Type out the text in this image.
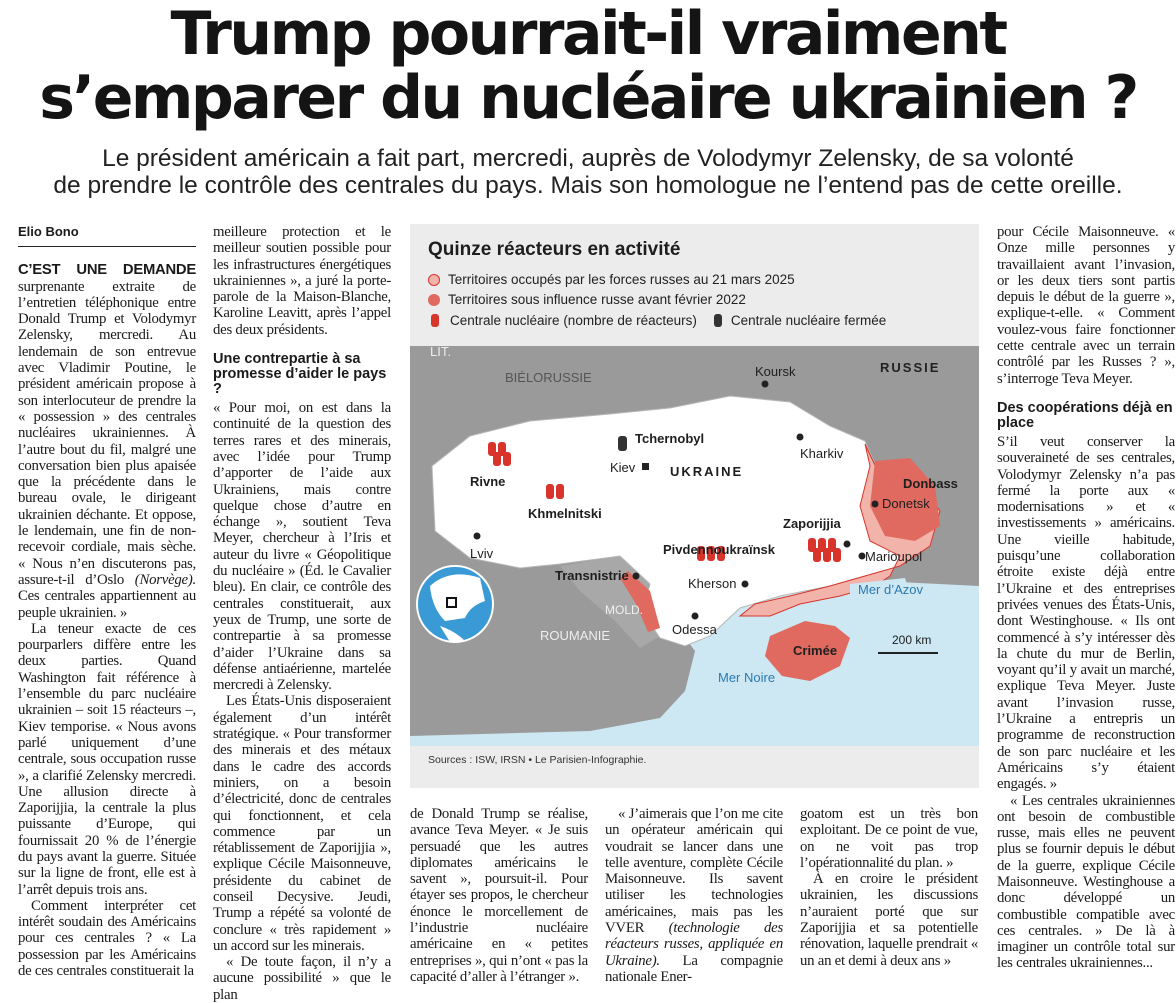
Trump pourrait-il vraiment
s’emparer du nucléaire ukrainien ?
Le président américain a fait part, mercredi, auprès de Volodymyr Zelensky, de sa volonté
de prendre le contrôle des centrales du pays. Mais son homologue ne l’entend pas de cette oreille.
Elio Bono

C’EST UNE DEMANDE surprenante extraite de l’entretien téléphonique entre Donald Trump et Volodymyr Zelensky, mercredi. Au lendemain de son entrevue avec Vladimir Poutine, le président américain propose à son interlocuteur de prendre la « possession » des centrales nucléaires ukrainiennes. À l’autre bout du fil, malgré une conversation bien plus apaisée que la précédente dans le bureau ovale, le dirigeant ukrainien déchante. Et oppose, le lendemain, une fin de non-recevoir cordiale, mais sèche. « Nous n’en discuterons pas, assure-t-il d’Oslo (Norvège). Ces centrales appartiennent au peuple ukrainien. »

La teneur exacte de ces pourparlers diffère entre les deux parties. Quand Washington fait référence à l’ensemble du parc nucléaire ukrainien – soit 15 réacteurs –, Kiev temporise. « Nous avons parlé uniquement d’une centrale, sous occupation russe », a clarifié Zelensky mercredi. Une allusion directe à Zaporijjia, la centrale la plus puissante d’Europe, qui fournissait 20 % de l’énergie du pays avant la guerre. Située sur la ligne de front, elle est à l’arrêt depuis trois ans.

Comment interpréter cet intérêt soudain des Américains pour ces centrales ? « La possession par les Américains de ces centrales constituerait la

meilleure protection et le meilleur soutien possible pour les infrastructures énergétiques ukrainiennes », a juré la porte-parole de la Maison-Blanche, Karoline Leavitt, après l’appel des deux présidents.

Une contrepartie à sa promesse d’aider le pays ?

« Pour moi, on est dans la continuité de la question des terres rares et des minerais, avec l’idée pour Trump d’apporter de l’aide aux Ukrainiens, mais contre quelque chose d’autre en échange », soutient Teva Meyer, chercheur à l’Iris et auteur du livre « Géopolitique du nucléaire » (Éd. le Cavalier bleu). En clair, ce contrôle des centrales constituerait, aux yeux de Trump, une sorte de contrepartie à sa promesse d’aider l’Ukraine dans sa défense antiaérienne, martelée mercredi à Zelensky.

Les États-Unis disposeraient également d’un intérêt stratégique. « Pour transformer des minerais et des métaux dans le cadre des accords miniers, on a besoin d’électricité, donc de centrales qui fonctionnent, et cela commence par un rétablissement de Zaporijjia », explique Cécile Maisonneuve, présidente du cabinet de conseil Decysive. Jeudi, Trump a répété sa volonté de conclure « très rapidement » un accord sur les minerais.

« De toute façon, il n’y a aucune possibilité » que le plan

Quinze réacteurs en activité
Territoires occupés par les forces russes au 21 mars 2025
Territoires sous influence russe avant février 2022
Centrale nucléaire (nombre de réacteurs)	Centrale nucléaire fermée
LIT.
BIÉLORUSSIE
RUSSIE
Koursk
Tchernobyl
Kiev	UKRAINE
Kharkiv
Rivne
Khmelnitski
Donbass
Donetsk
Zaporijjia
Lviv	Pivdennoukraïnsk	Marioupol
Mer d’Azov
Transnistrie
Kherson
MOLD.
Odessa
ROUMANIE
Crimée
200 km
Mer Noire
Sources : ISW, IRSN • Le Parisien-Infographie.

de Donald Trump se réalise, avance Teva Meyer. « Je suis persuadé que les autres diplomates américains le savent », poursuit-il. Pour étayer ses propos, le chercheur énonce le morcellement de l’industrie nucléaire américaine en « petites entreprises », qui n’ont « pas la capacité d’aller à l’étranger ».

« J’aimerais que l’on me cite un opérateur américain qui voudrait se lancer dans une telle aventure, complète Cécile Maisonneuve. Ils savent utiliser les technologies américaines, mais pas les VVER (technologie des réacteurs russes, appliquée en Ukraine). La compagnie nationale Ener-

goatom est un très bon exploitant. De ce point de vue, on ne voit pas trop l’opérationnalité du plan. »

À en croire le président ukrainien, les discussions n’auraient porté que sur Zaporijjia et sa potentielle rénovation, laquelle prendrait « un an et demi à deux ans »

pour Cécile Maisonneuve. « Onze mille personnes y travaillaient avant l’invasion, or les deux tiers sont partis depuis le début de la guerre », explique-t-elle. « Comment voulez-vous faire fonctionner cette centrale avec un terrain contrôlé par les Russes ? », s’interroge Teva Meyer.

Des coopérations déjà en place

S’il veut conserver la souveraineté de ses centrales, Volodymyr Zelensky n’a pas fermé la porte aux « modernisations » et « investissements » américains. Une vieille habitude, puisqu’une collaboration étroite existe déjà entre l’Ukraine et des entreprises privées venues des États-Unis, dont Westinghouse. « Ils ont commencé à s’y intéresser dès la chute du mur de Berlin, voyant qu’il y avait un marché, explique Teva Meyer. Juste avant l’invasion russe, l’Ukraine a entrepris un programme de reconstruction de son parc nucléaire et les Américains s’y étaient engagés. »

« Les centrales ukrainiennes ont besoin de combustible russe, mais elles ne peuvent plus se fournir depuis le début de la guerre, explique Cécile Maisonneuve. Westinghouse a donc développé un combustible compatible avec ces centrales. » De là à imaginer un contrôle total sur les centrales ukrainiennes...
